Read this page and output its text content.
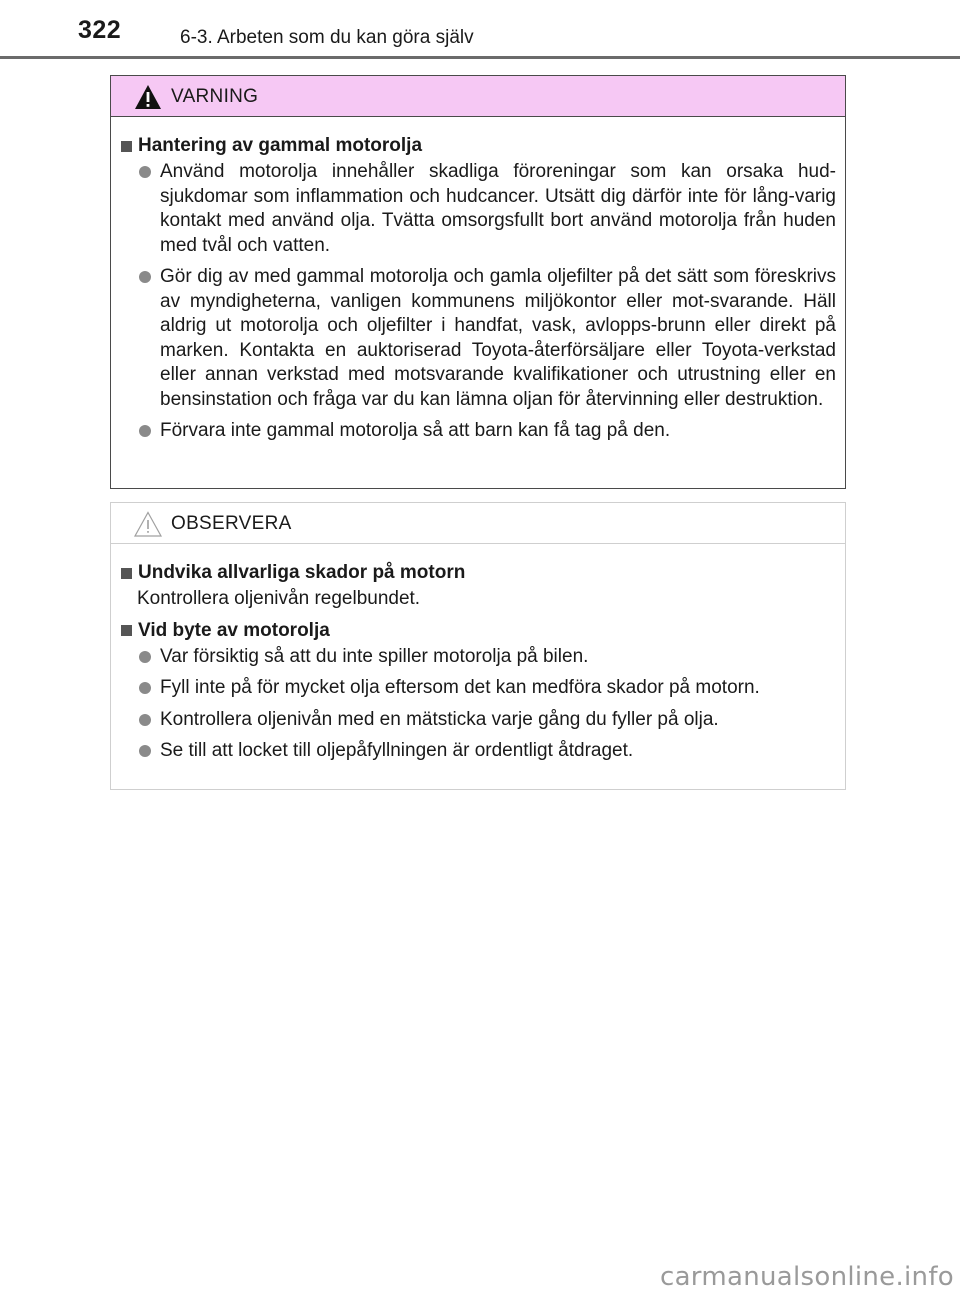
322	6-3. Arbeten som du kan göra själv
VARNING
Hantering av gammal motorolja
Använd motorolja innehåller skadliga föroreningar som kan orsaka hud-sjukdomar som inflammation och hudcancer. Utsätt dig därför inte för lång-varig kontakt med använd olja. Tvätta omsorgsfullt bort använd motorolja från huden med tvål och vatten.
Gör dig av med gammal motorolja och gamla oljefilter på det sätt som föreskrivs av myndigheterna, vanligen kommunens miljökontor eller mot-svarande. Häll aldrig ut motorolja och oljefilter i handfat, vask, avlopps-brunn eller direkt på marken. Kontakta en auktoriserad Toyota-återförsäljare eller Toyota-verkstad eller annan verkstad med motsvarande kvalifikationer och utrustning eller en bensinstation och fråga var du kan lämna oljan för återvinning eller destruktion.
Förvara inte gammal motorolja så att barn kan få tag på den.
OBSERVERA
Undvika allvarliga skador på motorn
Kontrollera oljenivån regelbundet.
Vid byte av motorolja
Var försiktig så att du inte spiller motorolja på bilen.
Fyll inte på för mycket olja eftersom det kan medföra skador på motorn.
Kontrollera oljenivån med en mätsticka varje gång du fyller på olja.
Se till att locket till oljepåfyllningen är ordentligt åtdraget.
carmanualsonline.info
